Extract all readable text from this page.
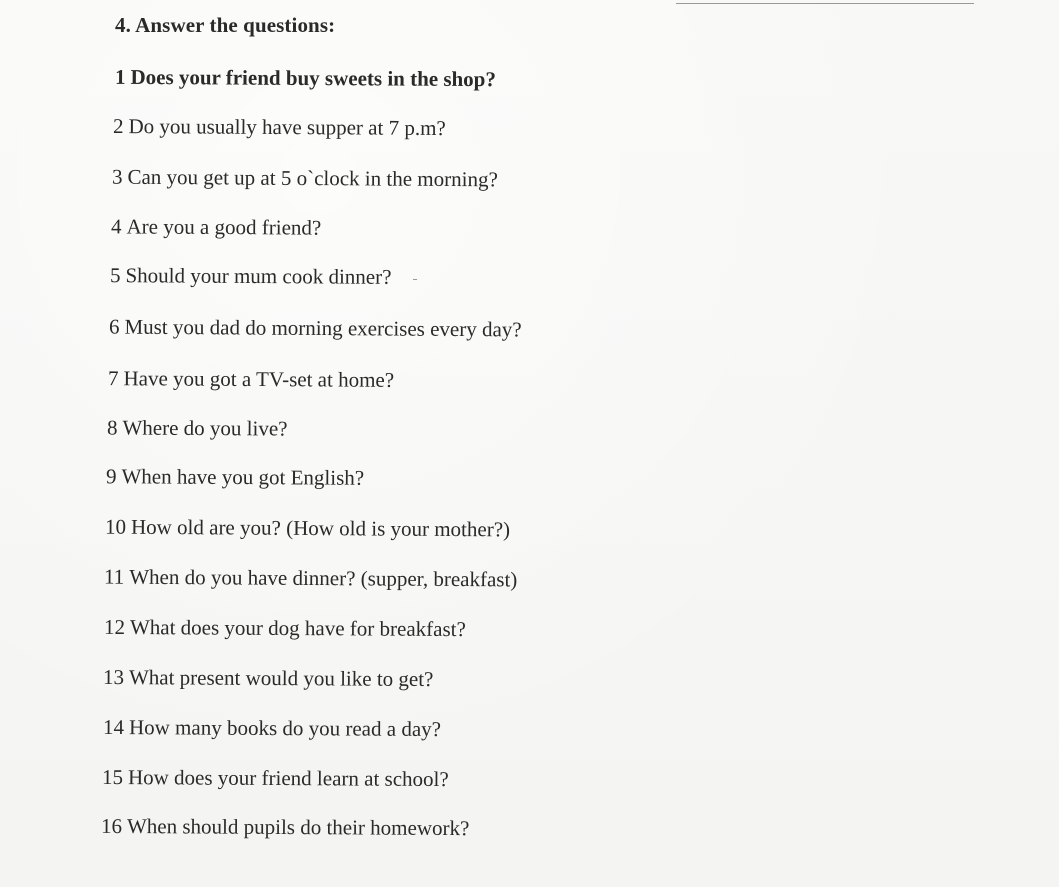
4. Answer the questions:
1 Does your friend buy sweets in the shop?
2 Do you usually have supper at 7 p.m?
3 Can you get up at 5 o`clock in the morning?
4 Are you a good friend?
5 Should your mum cook dinner?
6 Must you dad do morning exercises every day?
7 Have you got a TV-set at home?
8 Where do you live?
9 When have you got English?
10 How old are you? (How old is your mother?)
11 When do you have dinner? (supper, breakfast)
12 What does your dog have for breakfast?
13 What present would you like to get?
14 How many books do you read a day?
15 How does your friend learn at school?
16 When should pupils do their homework?
